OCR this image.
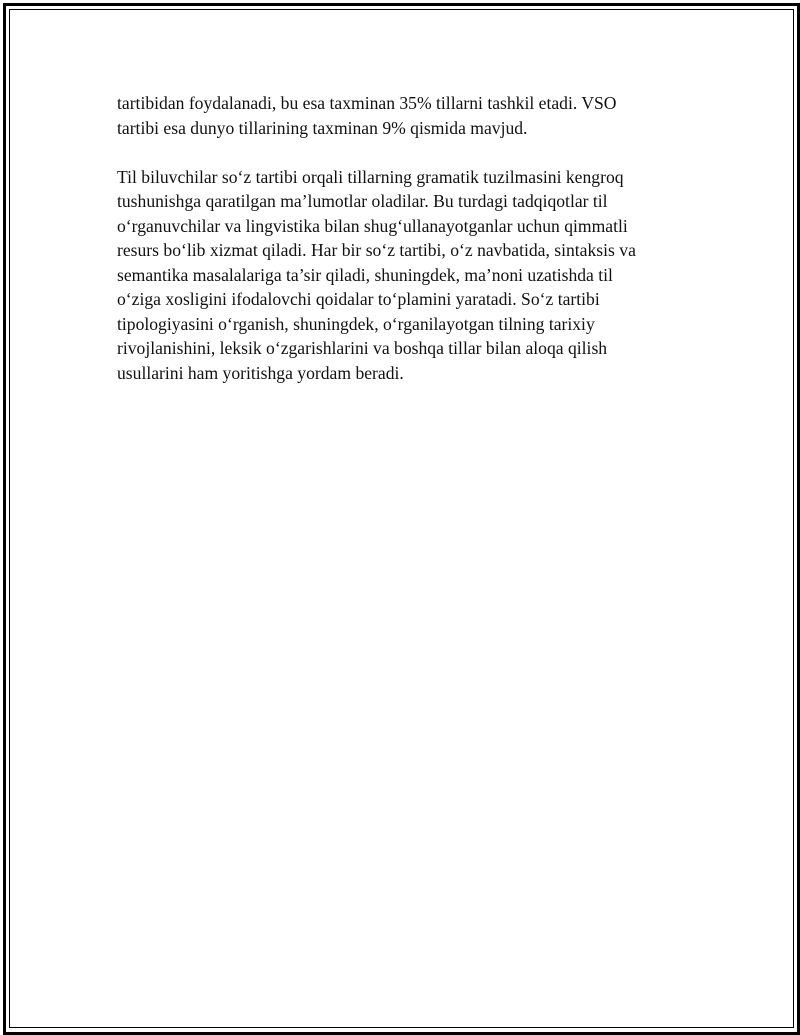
tartibidan foydalanadi, bu esa taxminan 35% tillarni tashkil etadi. VSO
tartibi esa dunyo tillarining taxminan 9% qismida mavjud.

Til biluvchilar so‘z tartibi orqali tillarning gramatik tuzilmasini kengroq
tushunishga qaratilgan ma’lumotlar oladilar. Bu turdagi tadqiqotlar til
o‘rganuvchilar va lingvistika bilan shug‘ullanayotganlar uchun qimmatli
resurs bo‘lib xizmat qiladi. Har bir so‘z tartibi, o‘z navbatida, sintaksis va
semantika masalalariga ta’sir qiladi, shuningdek, ma’noni uzatishda til
o‘ziga xosligini ifodalovchi qoidalar to‘plamini yaratadi. So‘z tartibi
tipologiyasini o‘rganish, shuningdek, o‘rganilayotgan tilning tarixiy
rivojlanishini, leksik o‘zgarishlarini va boshqa tillar bilan aloqa qilish
usullarini ham yoritishga yordam beradi.
